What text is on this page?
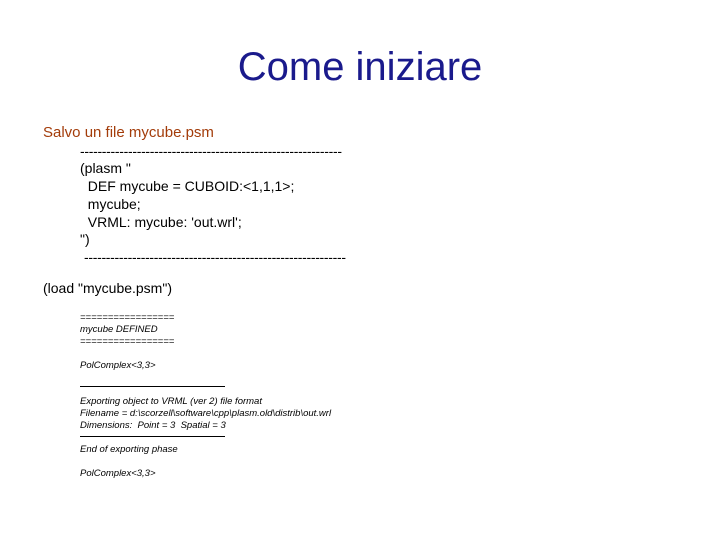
Come iniziare
Salvo un file mycube.psm
------------------------------------------------------------
(plasm "
DEF mycube = CUBOID:<1,1,1>;
mycube;
VRML: mycube: 'out.wrl';
")
------------------------------------------------------------
(load "mycube.psm")
=================
mycube DEFINED
=================
PolComplex<3,3>
Exporting object to VRML (ver 2) file format
Filename = d:\scorzell\software\cpp\plasm.old\distrib\out.wrl
Dimensions:  Point = 3  Spatial = 3
End of exporting phase
PolComplex<3,3>
